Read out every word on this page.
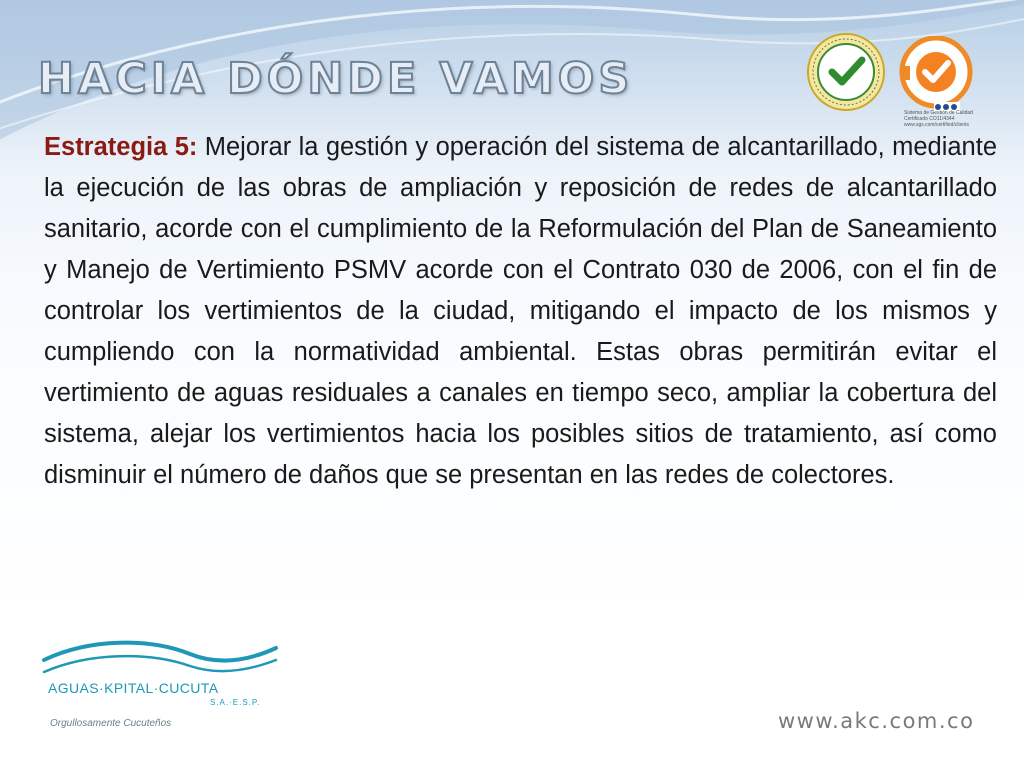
HACIA DÓNDE VAMOS
Sistema de Gestión de Calidad
Certificado CO11/4344
www.sgs.com/certified/clients
Estrategia 5: Mejorar la gestión y operación del sistema de alcantarillado, mediante la ejecución de las obras de ampliación y reposición de redes de alcantarillado sanitario, acorde con el cumplimiento de la Reformulación del Plan de Saneamiento y Manejo de Vertimiento PSMV acorde con el Contrato 030 de 2006, con el fin de controlar los vertimientos de la ciudad, mitigando el impacto de los mismos y cumpliendo con la normatividad ambiental. Estas obras permitirán evitar el vertimiento de aguas residuales a canales en tiempo seco, ampliar la cobertura del sistema, alejar los vertimientos hacia los posibles sitios de tratamiento, así como disminuir el número de daños que se presentan en las redes de colectores.
AGUAS·KPITAL·CUCUTA
S.A.·E.S.P.
Orgullosamente Cucuteños	www.akc.com.co
